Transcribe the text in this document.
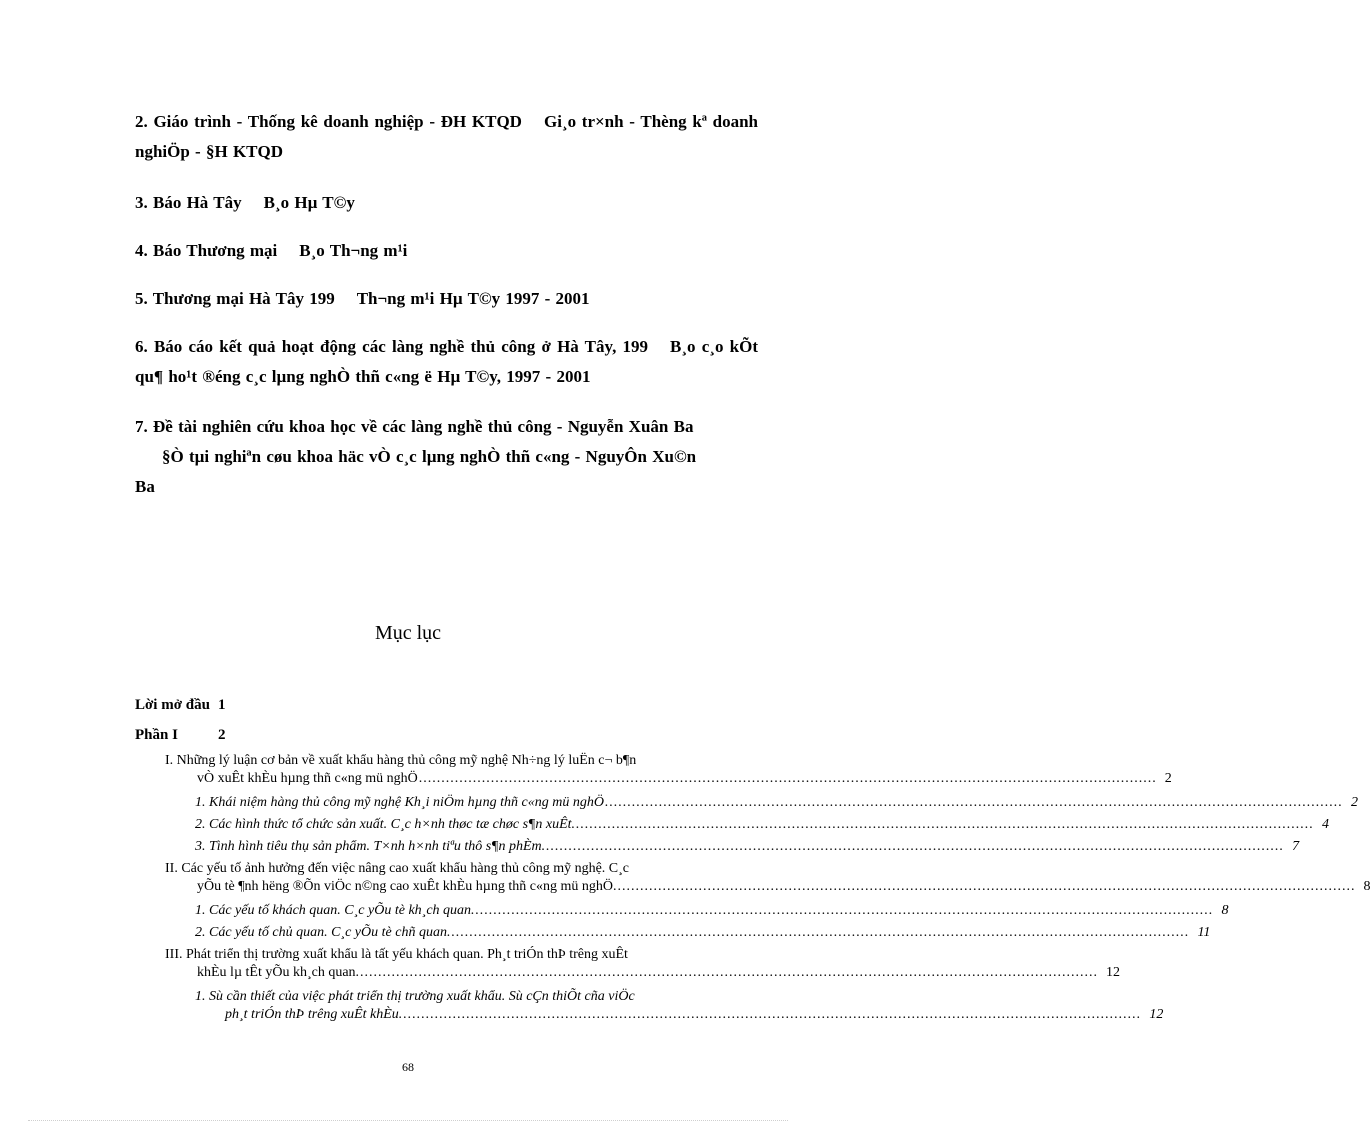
2. Giáo trình - Thống kê doanh nghiệp - ĐH KTQD Gi¸o tr×nh - Thèng kª doanh nghiÖp - §H KTQD
3. Báo Hà Tây B¸o Hµ T©y
4. Báo Thương mại B¸o Th¬ng m¹i
5. Thương mại Hà Tây 199 Th¬ng m¹i Hµ T©y 1997 - 2001
6. Báo cáo kết quả hoạt động các làng nghề thủ công ở Hà Tây, 199 B¸o c¸o kÕt qu¶ ho¹t ®éng c¸c lµng nghÒ thñ c«ng ë Hµ T©y, 1997 - 2001
7. Đề tài nghiên cứu khoa học về các làng nghề thủ công - Nguyễn Xuân Ba
§Ò tµi nghiªn cøu khoa häc vÒ c¸c lµng nghÒ thñ c«ng - NguyÔn Xu©n
Ba
Mục lục
Lời mở đầu 1
Phần I	2
I. Những lý luận cơ bản về xuất khẩu hàng thủ công mỹ nghệ Nh÷ng lý luËn c¬ b¶n
vÒ xuÊt khÈu hµng thñ c«ng mü nghÖ .................................................................................................................................................................... 2
1. Khái niệm hàng thủ công mỹ nghệ Kh¸i niÖm hµng thñ c«ng mü nghÖ .................................................................................................................................................................... 2
2. Các hình thức tổ chức sản xuất. C¸c h×nh thøc tæ chøc s¶n xuÊt. .................................................................................................................................................................... 4
3. Tình hình tiêu thụ sản phẩm. T×nh h×nh tiªu thô s¶n phÈm. .................................................................................................................................................................... 7
II. Các yếu tố ảnh hưởng đến việc nâng cao xuất khẩu hàng thủ công mỹ nghệ. C¸c
yÕu tè ¶nh hëng ®Õn viÖc n©ng cao xuÊt khÈu hµng thñ c«ng mü nghÖ. .................................................................................................................................................................... 8
1. Các yếu tố khách quan. C¸c yÕu tè kh¸ch quan. .................................................................................................................................................................... 8
2. Các yếu tố chủ quan. C¸c yÕu tè chñ quan. .................................................................................................................................................................... 11
III. Phát triển thị trường xuất khẩu là tất yếu khách quan. Ph¸t triÓn thÞ trêng xuÊt
khÈu lµ tÊt yÕu kh¸ch quan. .................................................................................................................................................................... 12
1. Sù cần thiết của việc phát triển thị trường xuất khẩu. Sù cÇn thiÕt cña viÖc
ph¸t triÓn thÞ trêng xuÊt khÈu. .................................................................................................................................................................... 12
68
